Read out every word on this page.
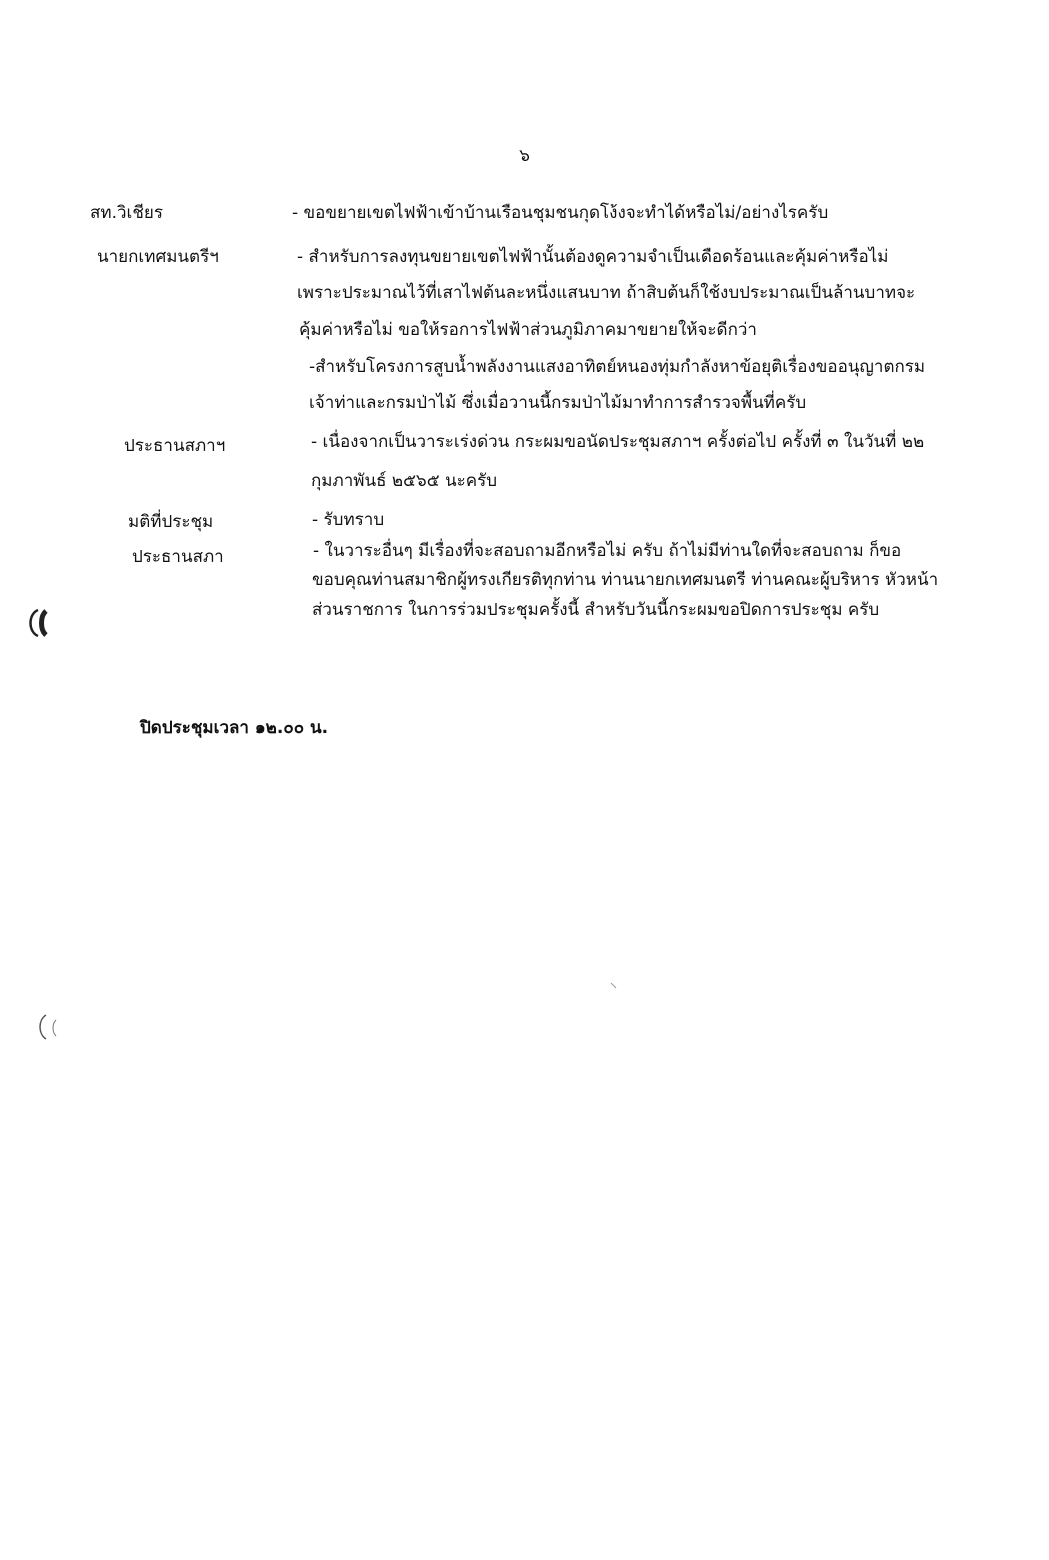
๖
สท.วิเชียร	- ขอขยายเขตไฟฟ้าเข้าบ้านเรือนชุมชนกุดโง้งจะทำได้หรือไม่/อย่างไรครับ
นายกเทศมนตรีฯ	- สำหรับการลงทุนขยายเขตไฟฟ้านั้นต้องดูความจำเป็นเดือดร้อนและคุ้มค่าหรือไม่
เพราะประมาณไว้ที่เสาไฟต้นละหนึ่งแสนบาท ถ้าสิบต้นก็ใช้งบประมาณเป็นล้านบาทจะ
คุ้มค่าหรือไม่ ขอให้รอการไฟฟ้าส่วนภูมิภาคมาขยายให้จะดีกว่า
-สำหรับโครงการสูบน้ำพลังงานแสงอาทิตย์หนองทุ่มกำลังหาข้อยุติเรื่องขออนุญาตกรม
เจ้าท่าและกรมป่าไม้ ซึ่งเมื่อวานนี้กรมป่าไม้มาทำการสำรวจพื้นที่ครับ
ประธานสภาฯ	- เนื่องจากเป็นวาระเร่งด่วน กระผมขอนัดประชุมสภาฯ ครั้งต่อไป ครั้งที่ ๓ ในวันที่ ๒๒
กุมภาพันธ์ ๒๕๖๕ นะครับ
มติที่ประชุม	- รับทราบ
ประธานสภา	- ในวาระอื่นๆ มีเรื่องที่จะสอบถามอีกหรือไม่ ครับ ถ้าไม่มีท่านใดที่จะสอบถาม ก็ขอ
ขอบคุณท่านสมาชิกผู้ทรงเกียรติทุกท่าน ท่านนายกเทศมนตรี ท่านคณะผู้บริหาร หัวหน้า
ส่วนราชการ ในการร่วมประชุมครั้งนี้ สำหรับวันนี้กระผมขอปิดการประชุม ครับ
ปิดประชุมเวลา ๑๒.๐๐ น.
